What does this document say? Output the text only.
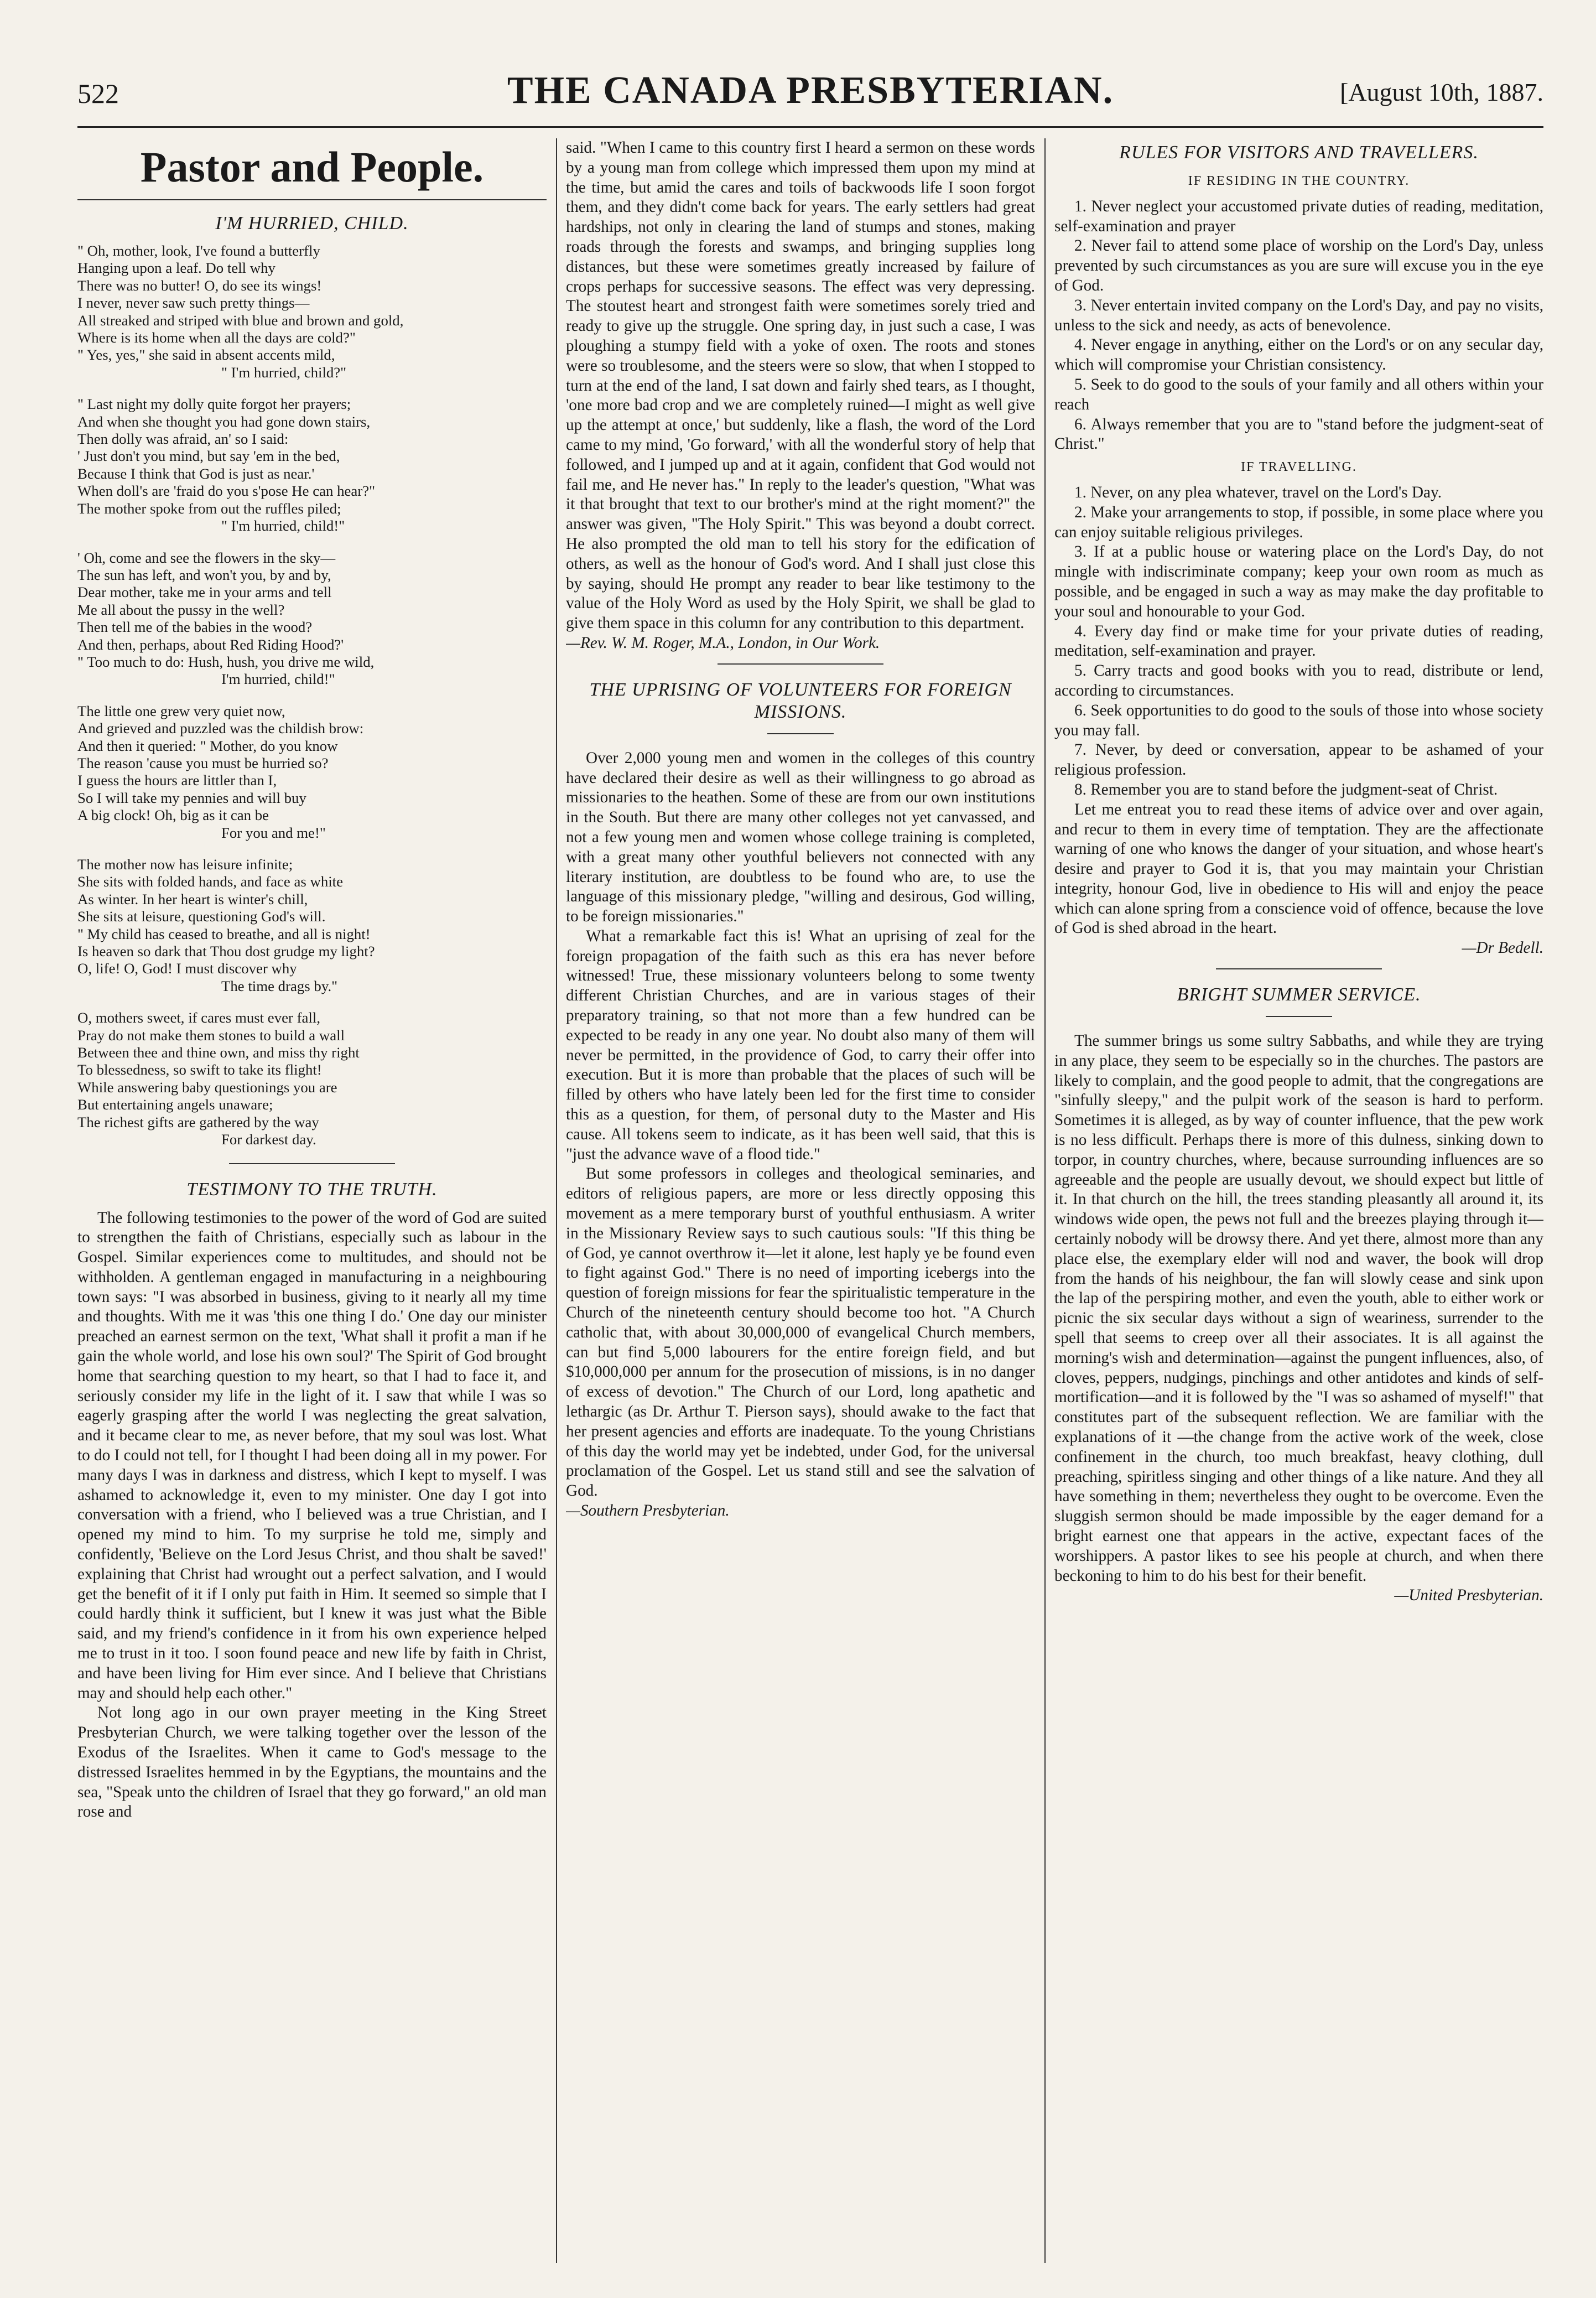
522	THE CANADA PRESBYTERIAN.	[August 10th, 1887.
Pastor and People.
I'M HURRIED, CHILD.
" Oh, mother, look, I've found a butterfly
Hanging upon a leaf. Do tell why
There was no butter! O, do see its wings!
I never, never saw such pretty things—
All streaked and striped with blue and brown and gold,
Where is its home when all the days are cold?"
" Yes, yes," she said in absent accents mild,
" I'm hurried, child?"
" Last night my dolly quite forgot her prayers;
And when she thought you had gone down stairs,
Then dolly was afraid, an' so I said:
' Just don't you mind, but say 'em in the bed,
Because I think that God is just as near.'
When doll's are 'fraid do you s'pose He can hear?"
The mother spoke from out the ruffles piled;
" I'm hurried, child!"
' Oh, come and see the flowers in the sky—
The sun has left, and won't you, by and by,
Dear mother, take me in your arms and tell
Me all about the pussy in the well?
Then tell me of the babies in the wood?
And then, perhaps, about Red Riding Hood?'
" Too much to do: Hush, hush, you drive me wild,
I'm hurried, child!"
The little one grew very quiet now,
And grieved and puzzled was the childish brow:
And then it queried: " Mother, do you know
The reason 'cause you must be hurried so?
I guess the hours are littler than I,
So I will take my pennies and will buy
A big clock! Oh, big as it can be
For you and me!"
The mother now has leisure infinite;
She sits with folded hands, and face as white
As winter. In her heart is winter's chill,
She sits at leisure, questioning God's will.
" My child has ceased to breathe, and all is night!
Is heaven so dark that Thou dost grudge my light?
O, life! O, God! I must discover why
The time drags by."
O, mothers sweet, if cares must ever fall,
Pray do not make them stones to build a wall
Between thee and thine own, and miss thy right
To blessedness, so swift to take its flight!
While answering baby questionings you are
But entertaining angels unaware;
The richest gifts are gathered by the way
For darkest day.
TESTIMONY TO THE TRUTH.

The following testimonies to the power of the word of God are suited to strengthen the faith of Christians, especially such as labour in the Gospel. Similar experiences come to multitudes, and should not be withholden. A gentleman engaged in manufacturing in a neighbouring town says: "I was absorbed in business, giving to it nearly all my time and thoughts. With me it was 'this one thing I do.' One day our minister preached an earnest sermon on the text, 'What shall it profit a man if he gain the whole world, and lose his own soul?' The Spirit of God brought home that searching question to my heart, so that I had to face it, and seriously consider my life in the light of it. I saw that while I was so eagerly grasping after the world I was neglecting the great salvation, and it became clear to me, as never before, that my soul was lost. What to do I could not tell, for I thought I had been doing all in my power. For many days I was in darkness and distress, which I kept to myself. I was ashamed to acknowledge it, even to my minister. One day I got into conversation with a friend, who I believed was a true Christian, and I opened my mind to him. To my surprise he told me, simply and confidently, 'Believe on the Lord Jesus Christ, and thou shalt be saved!' explaining that Christ had wrought out a perfect salvation, and I would get the benefit of it if I only put faith in Him. It seemed so simple that I could hardly think it sufficient, but I knew it was just what the Bible said, and my friend's confidence in it from his own experience helped me to trust in it too. I soon found peace and new life by faith in Christ, and have been living for Him ever since. And I believe that Christians may and should help each other."

Not long ago in our own prayer meeting in the King Street Presbyterian Church, we were talking together over the lesson of the Exodus of the Israelites. When it came to God's message to the distressed Israelites hemmed in by the Egyptians, the mountains and the sea, "Speak unto the children of Israel that they go forward," an old man rose and

said. "When I came to this country first I heard a sermon on these words by a young man from college which impressed them upon my mind at the time, but amid the cares and toils of backwoods life I soon forgot them, and they didn't come back for years. The early settlers had great hardships, not only in clearing the land of stumps and stones, making roads through the forests and swamps, and bringing supplies long distances, but these were sometimes greatly increased by failure of crops perhaps for successive seasons. The effect was very depressing. The stoutest heart and strongest faith were sometimes sorely tried and ready to give up the struggle. One spring day, in just such a case, I was ploughing a stumpy field with a yoke of oxen. The roots and stones were so troublesome, and the steers were so slow, that when I stopped to turn at the end of the land, I sat down and fairly shed tears, as I thought, 'one more bad crop and we are completely ruined—I might as well give up the attempt at once,' but suddenly, like a flash, the word of the Lord came to my mind, 'Go forward,' with all the wonderful story of help that followed, and I jumped up and at it again, confident that God would not fail me, and He never has." In reply to the leader's question, "What was it that brought that text to our brother's mind at the right moment?" the answer was given, "The Holy Spirit." This was beyond a doubt correct. He also prompted the old man to tell his story for the edification of others, as well as the honour of God's word. And I shall just close this by saying, should He prompt any reader to bear like testimony to the value of the Holy Word as used by the Holy Spirit, we shall be glad to give them space in this column for any contribution to this department.

—Rev. W. M. Roger, M.A., London, in Our Work.

THE UPRISING OF VOLUNTEERS FOR FOREIGN MISSIONS.

Over 2,000 young men and women in the colleges of this country have declared their desire as well as their willingness to go abroad as missionaries to the heathen. Some of these are from our own institutions in the South. But there are many other colleges not yet canvassed, and not a few young men and women whose college training is completed, with a great many other youthful believers not connected with any literary institution, are doubtless to be found who are, to use the language of this missionary pledge, "willing and desirous, God willing, to be foreign missionaries."

What a remarkable fact this is! What an uprising of zeal for the foreign propagation of the faith such as this era has never before witnessed! True, these missionary volunteers belong to some twenty different Christian Churches, and are in various stages of their preparatory training, so that not more than a few hundred can be expected to be ready in any one year. No doubt also many of them will never be permitted, in the providence of God, to carry their offer into execution. But it is more than probable that the places of such will be filled by others who have lately been led for the first time to consider this as a question, for them, of personal duty to the Master and His cause. All tokens seem to indicate, as it has been well said, that this is "just the advance wave of a flood tide."

But some professors in colleges and theological seminaries, and editors of religious papers, are more or less directly opposing this movement as a mere temporary burst of youthful enthusiasm. A writer in the Missionary Review says to such cautious souls: "If this thing be of God, ye cannot overthrow it—let it alone, lest haply ye be found even to fight against God." There is no need of importing icebergs into the question of foreign missions for fear the spiritualistic temperature in the Church of the nineteenth century should become too hot. "A Church catholic that, with about 30,000,000 of evangelical Church members, can but find 5,000 labourers for the entire foreign field, and but $10,000,000 per annum for the prosecution of missions, is in no danger of excess of devotion." The Church of our Lord, long apathetic and lethargic (as Dr. Arthur T. Pierson says), should awake to the fact that her present agencies and efforts are inadequate. To the young Christians of this day the world may yet be indebted, under God, for the universal proclamation of the Gospel. Let us stand still and see the salvation of God.

—Southern Presbyterian.

RULES FOR VISITORS AND TRAVELLERS.
IF RESIDING IN THE COUNTRY.

1. Never neglect your accustomed private duties of reading, meditation, self-examination and prayer

2. Never fail to attend some place of worship on the Lord's Day, unless prevented by such circumstances as you are sure will excuse you in the eye of God.

3. Never entertain invited company on the Lord's Day, and pay no visits, unless to the sick and needy, as acts of benevolence.

4. Never engage in anything, either on the Lord's or on any secular day, which will compromise your Christian consistency.

5. Seek to do good to the souls of your family and all others within your reach

6. Always remember that you are to "stand before the judgment-seat of Christ."

IF TRAVELLING.

1. Never, on any plea whatever, travel on the Lord's Day.

2. Make your arrangements to stop, if possible, in some place where you can enjoy suitable religious privileges.

3. If at a public house or watering place on the Lord's Day, do not mingle with indiscriminate company; keep your own room as much as possible, and be engaged in such a way as may make the day profitable to your soul and honourable to your God.

4. Every day find or make time for your private duties of reading, meditation, self-examination and prayer.

5. Carry tracts and good books with you to read, distribute or lend, according to circumstances.

6. Seek opportunities to do good to the souls of those into whose society you may fall.

7. Never, by deed or conversation, appear to be ashamed of your religious profession.

8. Remember you are to stand before the judgment-seat of Christ.

Let me entreat you to read these items of advice over and over again, and recur to them in every time of temptation. They are the affectionate warning of one who knows the danger of your situation, and whose heart's desire and prayer to God it is, that you may maintain your Christian integrity, honour God, live in obedience to His will and enjoy the peace which can alone spring from a conscience void of offence, because the love of God is shed abroad in the heart.

—Dr Bedell.

BRIGHT SUMMER SERVICE.

The summer brings us some sultry Sabbaths, and while they are trying in any place, they seem to be especially so in the churches. The pastors are likely to complain, and the good people to admit, that the congregations are "sinfully sleepy," and the pulpit work of the season is hard to perform. Sometimes it is alleged, as by way of counter influence, that the pew work is no less difficult. Perhaps there is more of this dulness, sinking down to torpor, in country churches, where, because surrounding influences are so agreeable and the people are usually devout, we should expect but little of it. In that church on the hill, the trees standing pleasantly all around it, its windows wide open, the pews not full and the breezes playing through it—certainly nobody will be drowsy there. And yet there, almost more than any place else, the exemplary elder will nod and waver, the book will drop from the hands of his neighbour, the fan will slowly cease and sink upon the lap of the perspiring mother, and even the youth, able to either work or picnic the six secular days without a sign of weariness, surrender to the spell that seems to creep over all their associates. It is all against the morning's wish and determination—against the pungent influences, also, of cloves, peppers, nudgings, pinchings and other antidotes and kinds of self-mortification—and it is followed by the "I was so ashamed of myself!" that constitutes part of the subsequent reflection. We are familiar with the explanations of it —the change from the active work of the week, close confinement in the church, too much breakfast, heavy clothing, dull preaching, spiritless singing and other things of a like nature. And they all have something in them; nevertheless they ought to be overcome. Even the sluggish sermon should be made impossible by the eager demand for a bright earnest one that appears in the active, expectant faces of the worshippers. A pastor likes to see his people at church, and when there beckoning to him to do his best for their benefit.

—United Presbyterian.
